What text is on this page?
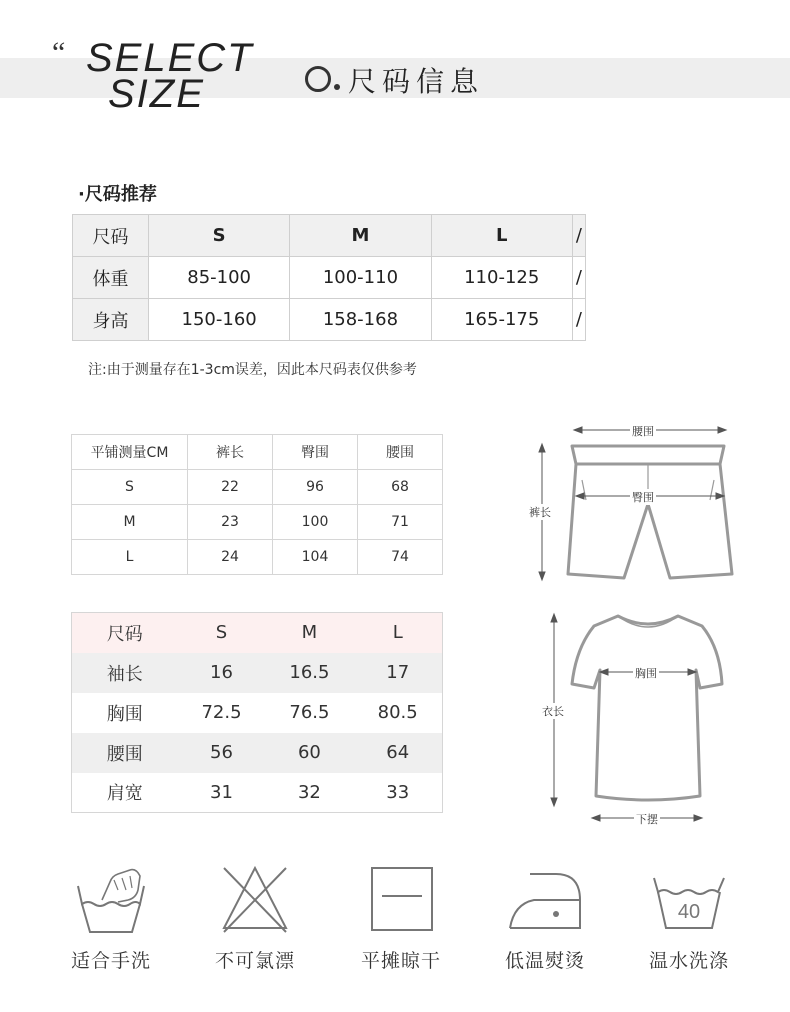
“ SELECT
SIZE	尺码信息
·尺码推荐
尺码	S	M	L	/
体重	85-100	100-110	110-125	/
身高	150-160	158-168	165-175	/
注:由于测量存在1-3cm误差，因此本尺码表仅供参考
平铺测量CM	裤长	臀围	腰围
S	22	96	68
M	23	100	71
L	24	104	74
尺码	S	M	L
袖长	16	16.5	17
胸围	72.5	76.5	80.5
腰围	56	60	64
肩宽	31	32	33
腰围
臀围
裤长
胸围
衣长
下摆
适合手洗	不可氯漂	平摊晾干	低温熨烫
40
温水洗涤
